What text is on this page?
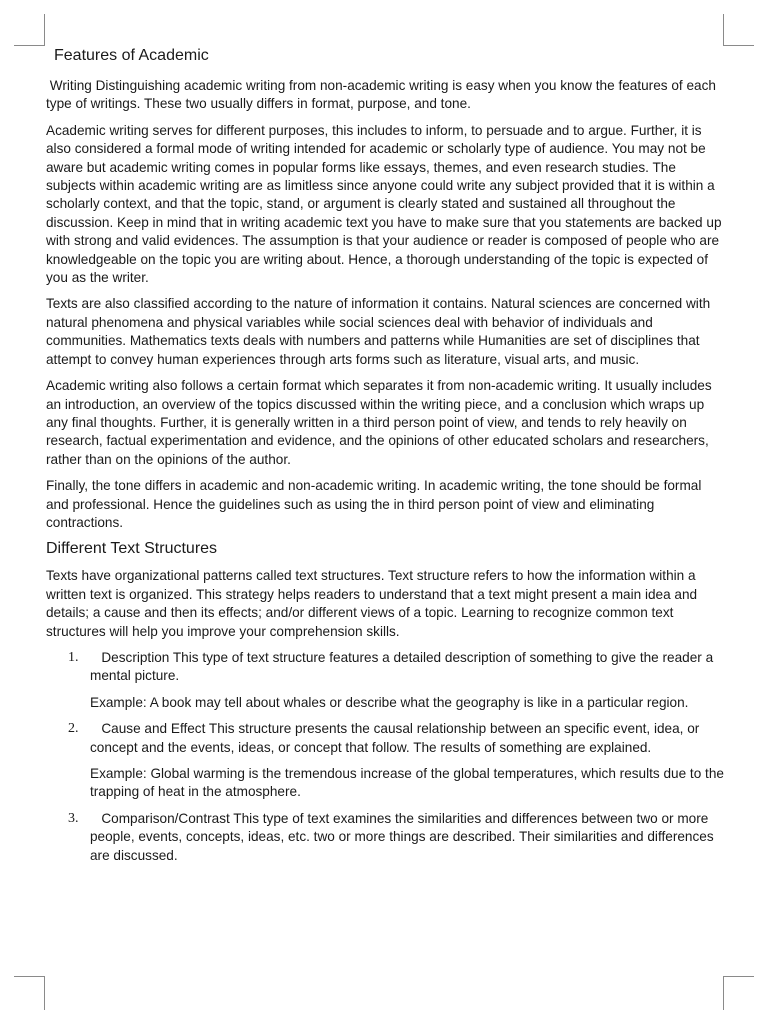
Features of Academic

Writing Distinguishing academic writing from non-academic writing is easy when you know the features of each type of writings. These two usually differs in format, purpose, and tone.

Academic writing serves for different purposes, this includes to inform, to persuade and to argue. Further, it is also considered a formal mode of writing intended for academic or scholarly type of audience. You may not be aware but academic writing comes in popular forms like essays, themes, and even research studies. The subjects within academic writing are as limitless since anyone could write any subject provided that it is within a scholarly context, and that the topic, stand, or argument is clearly stated and sustained all throughout the discussion. Keep in mind that in writing academic text you have to make sure that you statements are backed up with strong and valid evidences. The assumption is that your audience or reader is composed of people who are knowledgeable on the topic you are writing about. Hence, a thorough understanding of the topic is expected of you as the writer.

Texts are also classified according to the nature of information it contains. Natural sciences are concerned with natural phenomena and physical variables while social sciences deal with behavior of individuals and communities. Mathematics texts deals with numbers and patterns while Humanities are set of disciplines that attempt to convey human experiences through arts forms such as literature, visual arts, and music.

Academic writing also follows a certain format which separates it from non-academic writing. It usually includes an introduction, an overview of the topics discussed within the writing piece, and a conclusion which wraps up any final thoughts. Further, it is generally written in a third person point of view, and tends to rely heavily on research, factual experimentation and evidence, and the opinions of other educated scholars and researchers, rather than on the opinions of the author.

Finally, the tone differs in academic and non-academic writing. In academic writing, the tone should be formal and professional. Hence the guidelines such as using the in third person point of view and eliminating contractions.

Different Text Structures

Texts have organizational patterns called text structures. Text structure refers to how the information within a written text is organized. This strategy helps readers to understand that a text might present a main idea and details; a cause and then its effects; and/or different views of a topic. Learning to recognize common text structures will help you improve your comprehension skills.

1. Description This type of text structure features a detailed description of something to give the reader a mental picture.

Example: A book may tell about whales or describe what the geography is like in a particular region.

2. Cause and Effect This structure presents the causal relationship between an specific event, idea, or concept and the events, ideas, or concept that follow. The results of something are explained.

Example: Global warming is the tremendous increase of the global temperatures, which results due to the trapping of heat in the atmosphere.

3. Comparison/Contrast This type of text examines the similarities and differences between two or more people, events, concepts, ideas, etc. two or more things are described. Their similarities and differences are discussed.
